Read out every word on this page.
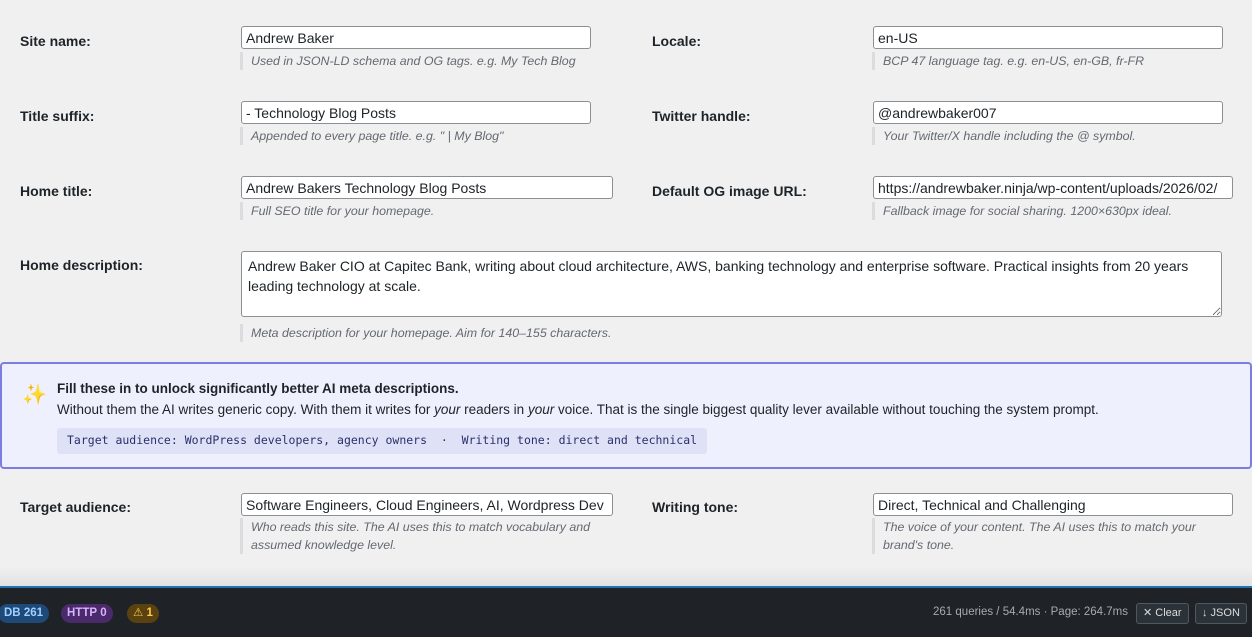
Site name:
Andrew Baker
Used in JSON-LD schema and OG tags. e.g. My Tech Blog
Locale:
en-US
BCP 47 language tag. e.g. en-US, en-GB, fr-FR
Title suffix:
- Technology Blog Posts
Appended to every page title. e.g. " | My Blog"
Twitter handle:
@andrewbaker007
Your Twitter/X handle including the @ symbol.
Home title:
Andrew Bakers Technology Blog Posts
Full SEO title for your homepage.
Default OG image URL:
https://andrewbaker.ninja/wp-content/uploads/2026/02/
Fallback image for social sharing. 1200×630px ideal.
Home description:
Andrew Baker CIO at Capitec Bank, writing about cloud architecture, AWS, banking technology and enterprise software. Practical insights from 20 years leading technology at scale.
Meta description for your homepage. Aim for 140–155 characters.
✨ Fill these in to unlock significantly better AI meta descriptions.
Without them the AI writes generic copy. With them it writes for your readers in your voice. That is the single biggest quality lever available without touching the system prompt.
Target audience: WordPress developers, agency owners  ·  Writing tone: direct and technical
Target audience:
Software Engineers, Cloud Engineers, AI, Wordpress Dev
Who reads this site. The AI uses this to match vocabulary and
assumed knowledge level.
Writing tone:
Direct, Technical and Challenging
The voice of your content. The AI uses this to match your
brand's tone.
DB 261	HTTP 0	⚠ 1	261 queries / 54.4ms · Page: 264.7ms	✕ Clear	↓ JSON
